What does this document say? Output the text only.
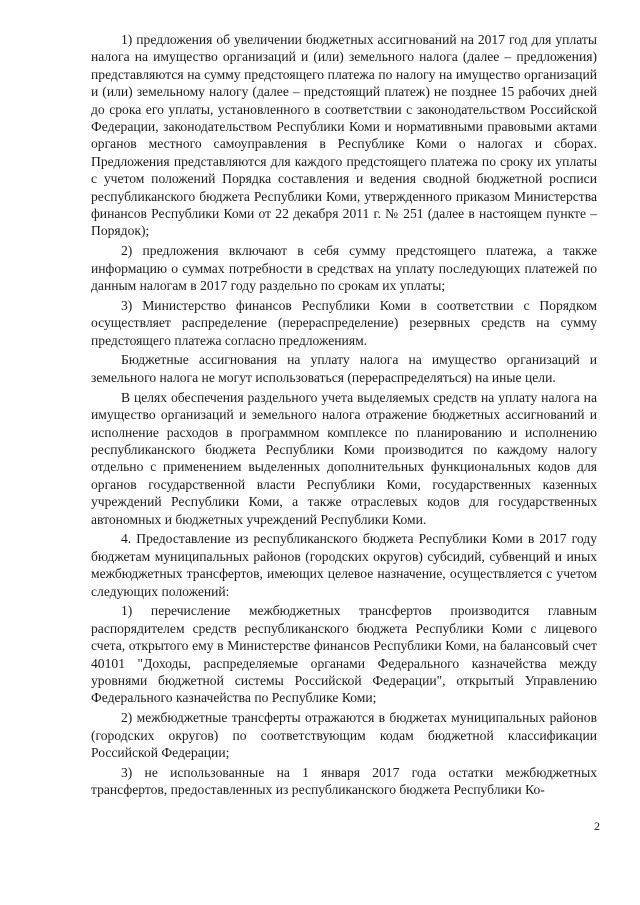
1) предложения об увеличении бюджетных ассигнований на 2017 год для уплаты налога на имущество организаций и (или) земельного налога (далее – предложения) представляются на сумму предстоящего платежа по налогу на имущество организаций и (или) земельному налогу (далее – предстоящий платеж) не позднее 15 рабочих дней до срока его уплаты, установленного в соответствии с законодательством Российской Федерации, законодательством Республики Коми и нормативными правовыми актами органов местного самоуправления в Республике Коми о налогах и сборах. Предложения представляются для каждого предстоящего платежа по сроку их уплаты с учетом положений Порядка составления и ведения сводной бюджетной росписи республиканского бюджета Республики Коми, утвержденного приказом Министерства финансов Республики Коми от 22 декабря 2011 г. № 251 (далее в настоящем пункте – Порядок);

2) предложения включают в себя сумму предстоящего платежа, а также информацию о суммах потребности в средствах на уплату последующих платежей по данным налогам в 2017 году раздельно по срокам их уплаты;

3) Министерство финансов Республики Коми в соответствии с Порядком осуществляет распределение (перераспределение) резервных средств на сумму предстоящего платежа согласно предложениям.

Бюджетные ассигнования на уплату налога на имущество организаций и земельного налога не могут использоваться (перераспределяться) на иные цели.

В целях обеспечения раздельного учета выделяемых средств на уплату налога на имущество организаций и земельного налога отражение бюджетных ассигнований и исполнение расходов в программном комплексе по планированию и исполнению республиканского бюджета Республики Коми производится по каждому налогу отдельно с применением выделенных дополнительных функциональных кодов для органов государственной власти Республики Коми, государственных казенных учреждений Республики Коми, а также отраслевых кодов для государственных автономных и бюджетных учреждений Республики Коми.

4. Предоставление из республиканского бюджета Республики Коми в 2017 году бюджетам муниципальных районов (городских округов) субсидий, субвенций и иных межбюджетных трансфертов, имеющих целевое назначение, осуществляется с учетом следующих положений:

1) перечисление межбюджетных трансфертов производится главным распорядителем средств республиканского бюджета Республики Коми с лицевого счета, открытого ему в Министерстве финансов Республики Коми, на балансовый счет 40101 "Доходы, распределяемые органами Федерального казначейства между уровнями бюджетной системы Российской Федерации", открытый Управлению Федерального казначейства по Республике Коми;

2) межбюджетные трансферты отражаются в бюджетах муниципальных районов (городских округов) по соответствующим кодам бюджетной классификации Российской Федерации;

3) не использованные на 1 января 2017 года остатки межбюджетных трансфертов, предоставленных из республиканского бюджета Республики Ко-

2
